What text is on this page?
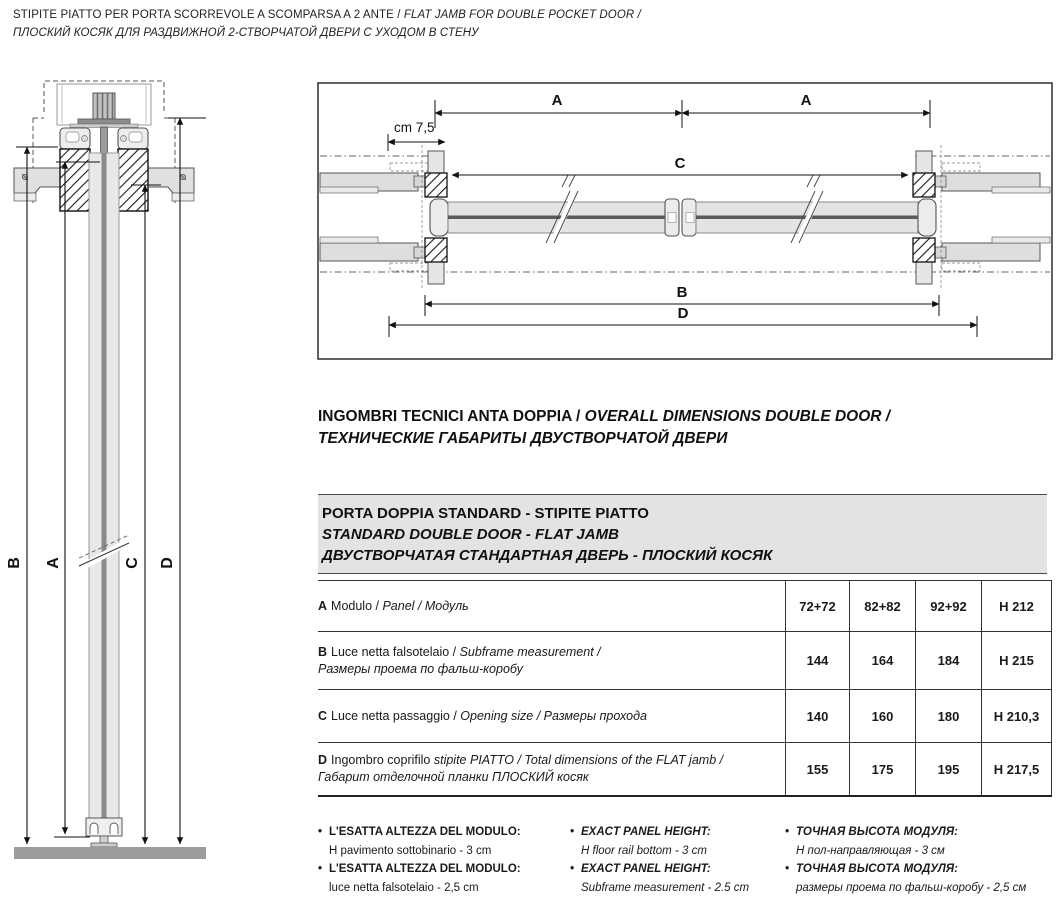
STIPITE PIATTO PER PORTA SCORREVOLE A SCOMPARSA A 2 ANTE / FLAT JAMB FOR DOUBLE POCKET DOOR /
ПЛОСКИЙ КОСЯК ДЛЯ РАЗДВИЖНОЙ 2-СТВОРЧАТОЙ ДВЕРИ С УХОДОМ В СТЕНУ
B A	C D
A	A
C
B
D
cm 7,5
INGOMBRI TECNICI ANTA DOPPIA / OVERALL DIMENSIONS DOUBLE DOOR /
ТЕХНИЧЕСКИЕ ГАБАРИТЫ ДВУСТВОРЧАТОЙ ДВЕРИ
PORTA DOPPIA STANDARD - STIPITE PIATTO
STANDARD DOUBLE DOOR - FLAT JAMB
ДВУСТВОРЧАТАЯ СТАНДАРТНАЯ ДВЕРЬ - ПЛОСКИЙ КОСЯК
A Modulo / Panel / Модуль	72+72	82+82	92+92	H 212

B Luce netta falsotelaio / Subframe measurement /
Размеры проема по фальш-коробу	144	164	184	H 215
C Luce netta passaggio / Opening size / Размеры прохода	140	160	180	H 210,3

D Ingombro coprifilo stipite PIATTO / Total dimensions of the FLAT jamb /
Габарит отделочной планки ПЛОСКИЙ косяк	155	175	195	H 217,5
• L'ESATTA ALTEZZA DEL MODULO:
H pavimento sottobinario - 3 cm
• L'ESATTA ALTEZZA DEL MODULO:
luce netta falsotelaio - 2,5 cm
• EXACT PANEL HEIGHT:
H floor rail bottom - 3 cm
• EXACT PANEL HEIGHT:
Subframe measurement - 2.5 cm
• ТОЧНАЯ ВЫСОТА МОДУЛЯ:
Н пол-направляющая - 3 см
• ТОЧНАЯ ВЫСОТА МОДУЛЯ:
размеры проема по фальш-коробу - 2,5 см
